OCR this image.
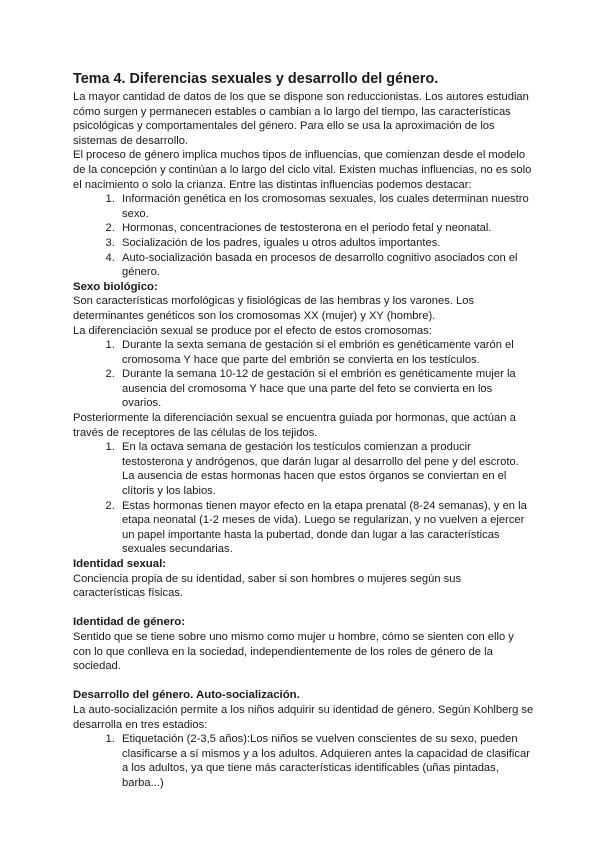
Tema 4. Diferencias sexuales y desarrollo del género.

La mayor cantidad de datos de los que se dispone son reduccionistas. Los autores estudian cómo surgen y permanecen estables o cambian a lo largo del tiempo, las características psicológicas y comportamentales del género. Para ello se usa la aproximación de los sistemas de desarrollo.

El proceso de género implica muchos tipos de influencias, que comienzan desde el modelo de la concepción y continúan a lo largo del ciclo vital. Existen muchas influencias, no es solo el nacimiento o solo la crianza. Entre las distintas influencias podemos destacar:

1. Información genética en los cromosomas sexuales, los cuales determinan nuestro sexo.
2. Hormonas, concentraciones de testosterona en el periodo fetal y neonatal.
3. Socialización de los padres, iguales u otros adultos importantes.
4. Auto-socialización basada en procesos de desarrollo cognitivo asociados con el género.
Sexo biológico:

Son características morfológicas y fisiológicas de las hembras y los varones. Los determinantes genéticos son los cromosomas XX (mujer) y XY (hombre).

La diferenciación sexual se produce por el efecto de estos cromosomas:

1. Durante la sexta semana de gestación si el embrión es genéticamente varón el cromosoma Y hace que parte del embrión se convierta en los testículos.
2. Durante la semana 10-12 de gestación si el embrión es genéticamente mujer la ausencia del cromosoma Y hace que una parte del feto se convierta en los ovarios.

Posteriormente la diferenciación sexual se encuentra guiada por hormonas, que actúan a través de receptores de las células de los tejidos.

1. En la octava semana de gestación los testículos comienzan a producir testosterona y andrógenos, que darán lugar al desarrollo del pene y del escroto. La ausencia de estas hormonas hacen que estos órganos se conviertan en el clítoris y los labios.
2. Estas hormonas tienen mayor efecto en la etapa prenatal (8-24 semanas), y en la etapa neonatal (1-2 meses de vida). Luego se regularizan, y no vuelven a ejercer un papel importante hasta la pubertad, donde dan lugar a las características sexuales secundarias.
Identidad sexual:

Conciencia propia de su identidad, saber si son hombres o mujeres según sus características físicas.

Identidad de género:

Sentido que se tiene sobre uno mismo como mujer u hombre, cómo se sienten con ello y con lo que conlleva en la sociedad, independientemente de los roles de género de la sociedad.

Desarrollo del género. Auto-socialización.

La auto-socialización permite a los niños adquirir su identidad de género. Según Kohlberg se desarrolla en tres estadios:

1. Etiquetación (2-3,5 años):Los niños se vuelven conscientes de su sexo, pueden clasificarse a sí mismos y a los adultos. Adquieren antes la capacidad de clasificar a los adultos, ya que tiene más características identificables (uñas pintadas, barba...)
